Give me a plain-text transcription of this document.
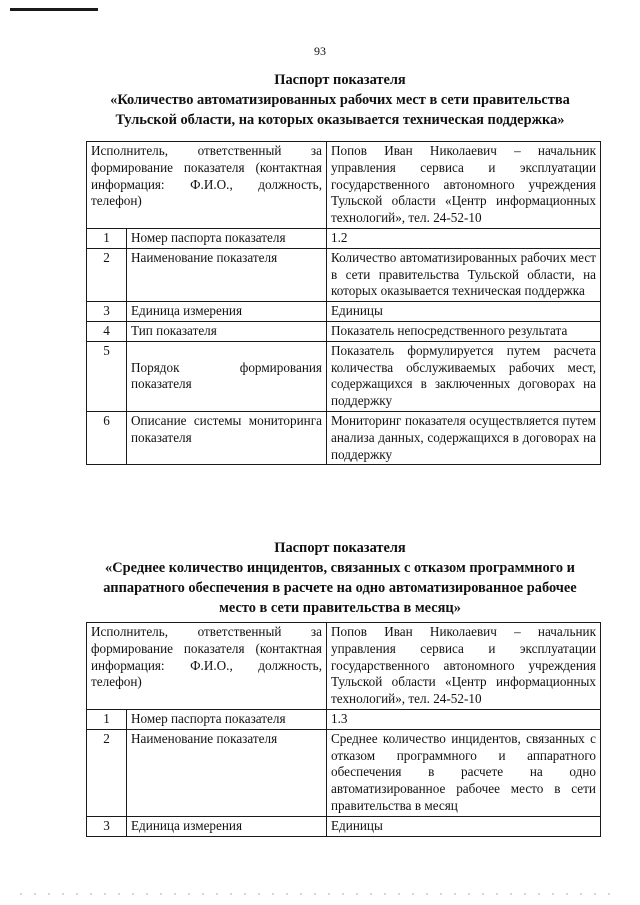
93
Паспорт показателя
«Количество автоматизированных рабочих мест в сети правительства
Тульской области, на которых оказывается техническая поддержка»
Исполнитель, ответственный за формирование показателя (контактная информация: Ф.И.О., должность, телефон)		Попов Иван Николаевич – начальник управления сервиса и эксплуатации государственного автономного учреждения Тульской области «Центр информационных технологий», тел. 24-52-10
1	Номер паспорта показателя	1.2
2	Наименование показателя	Количество автоматизированных рабочих мест в сети правительства Тульской области, на которых оказывается техническая поддержка
3	Единица измерения	Единицы
4	Тип показателя	Показатель непосредственного результата
5	Порядок формирования показателя	Показатель формулируется путем расчета количества обслуживаемых рабочих мест, содержащихся в заключенных договорах на поддержку
6	Описание системы мониторинга показателя	Мониторинг показателя осуществляется путем анализа данных, содержащихся в договорах на поддержку
Паспорт показателя
«Среднее количество инцидентов, связанных с отказом программного и
аппаратного обеспечения в расчете на одно автоматизированное рабочее
место в сети правительства в месяц»
Исполнитель, ответственный за формирование показателя (контактная информация: Ф.И.О., должность, телефон)		Попов Иван Николаевич – начальник управления сервиса и эксплуатации государственного автономного учреждения Тульской области «Центр информационных технологий», тел. 24-52-10
1	Номер паспорта показателя	1.3
2	Наименование показателя	Среднее количество инцидентов, связанных с отказом программного и аппаратного обеспечения в расчете на одно автоматизированное рабочее место в сети правительства в месяц
3	Единица измерения	Единицы
